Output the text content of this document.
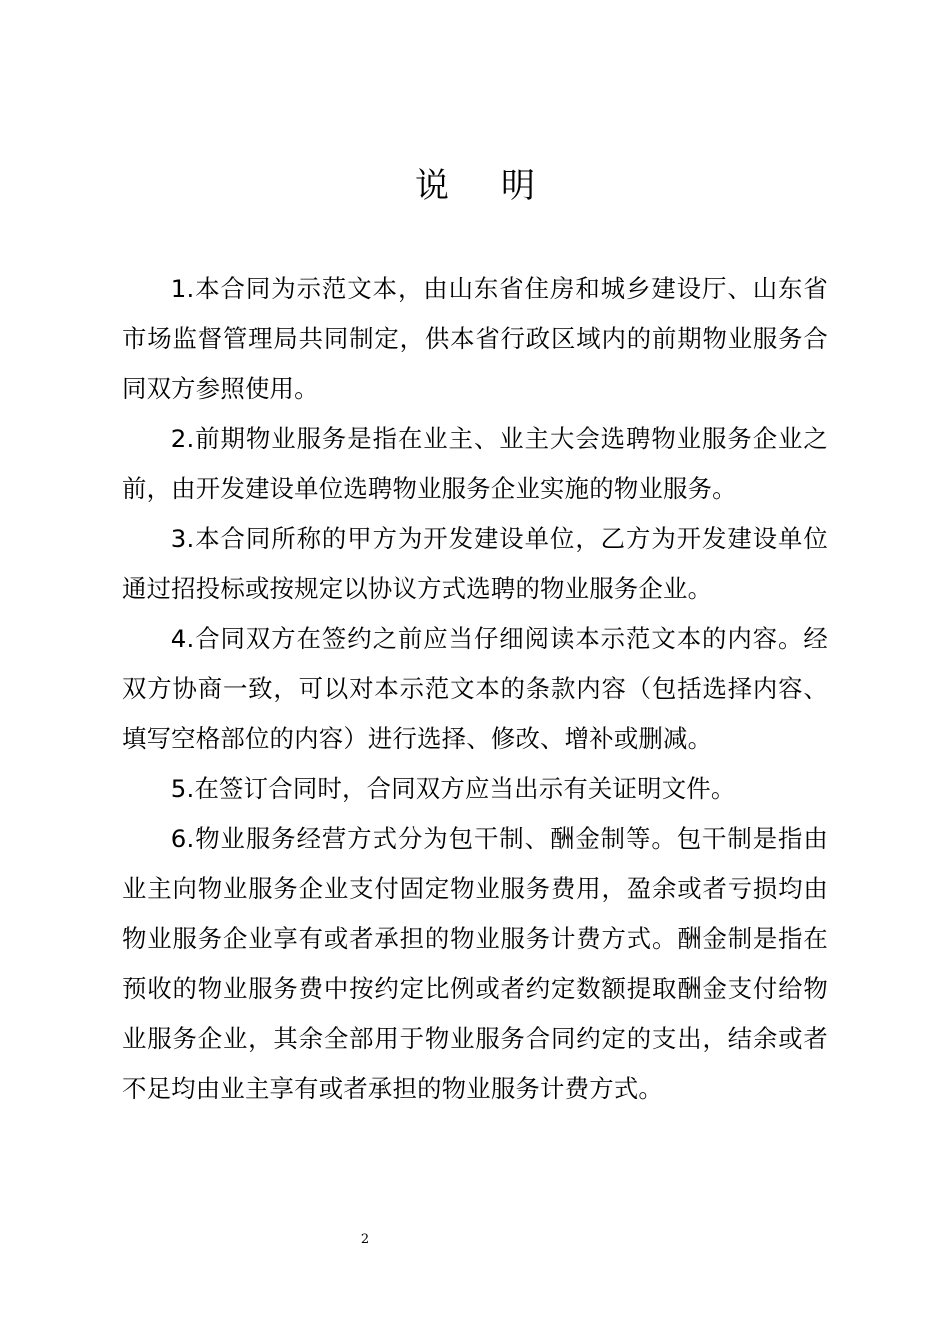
说明

1.本合同为示范文本，由山东省住房和城乡建设厅、山东省市场监督管理局共同制定，供本省行政区域内的前期物业服务合同双方参照使用。

2.前期物业服务是指在业主、业主大会选聘物业服务企业之前，由开发建设单位选聘物业服务企业实施的物业服务。

3.本合同所称的甲方为开发建设单位，乙方为开发建设单位通过招投标或按规定以协议方式选聘的物业服务企业。

4.合同双方在签约之前应当仔细阅读本示范文本的内容。经双方协商一致，可以对本示范文本的条款内容（包括选择内容、填写空格部位的内容）进行选择、修改、增补或删减。

5.在签订合同时，合同双方应当出示有关证明文件。

6.物业服务经营方式分为包干制、酬金制等。包干制是指由业主向物业服务企业支付固定物业服务费用，盈余或者亏损均由物业服务企业享有或者承担的物业服务计费方式。酬金制是指在预收的物业服务费中按约定比例或者约定数额提取酬金支付给物业服务企业，其余全部用于物业服务合同约定的支出，结余或者不足均由业主享有或者承担的物业服务计费方式。

2
